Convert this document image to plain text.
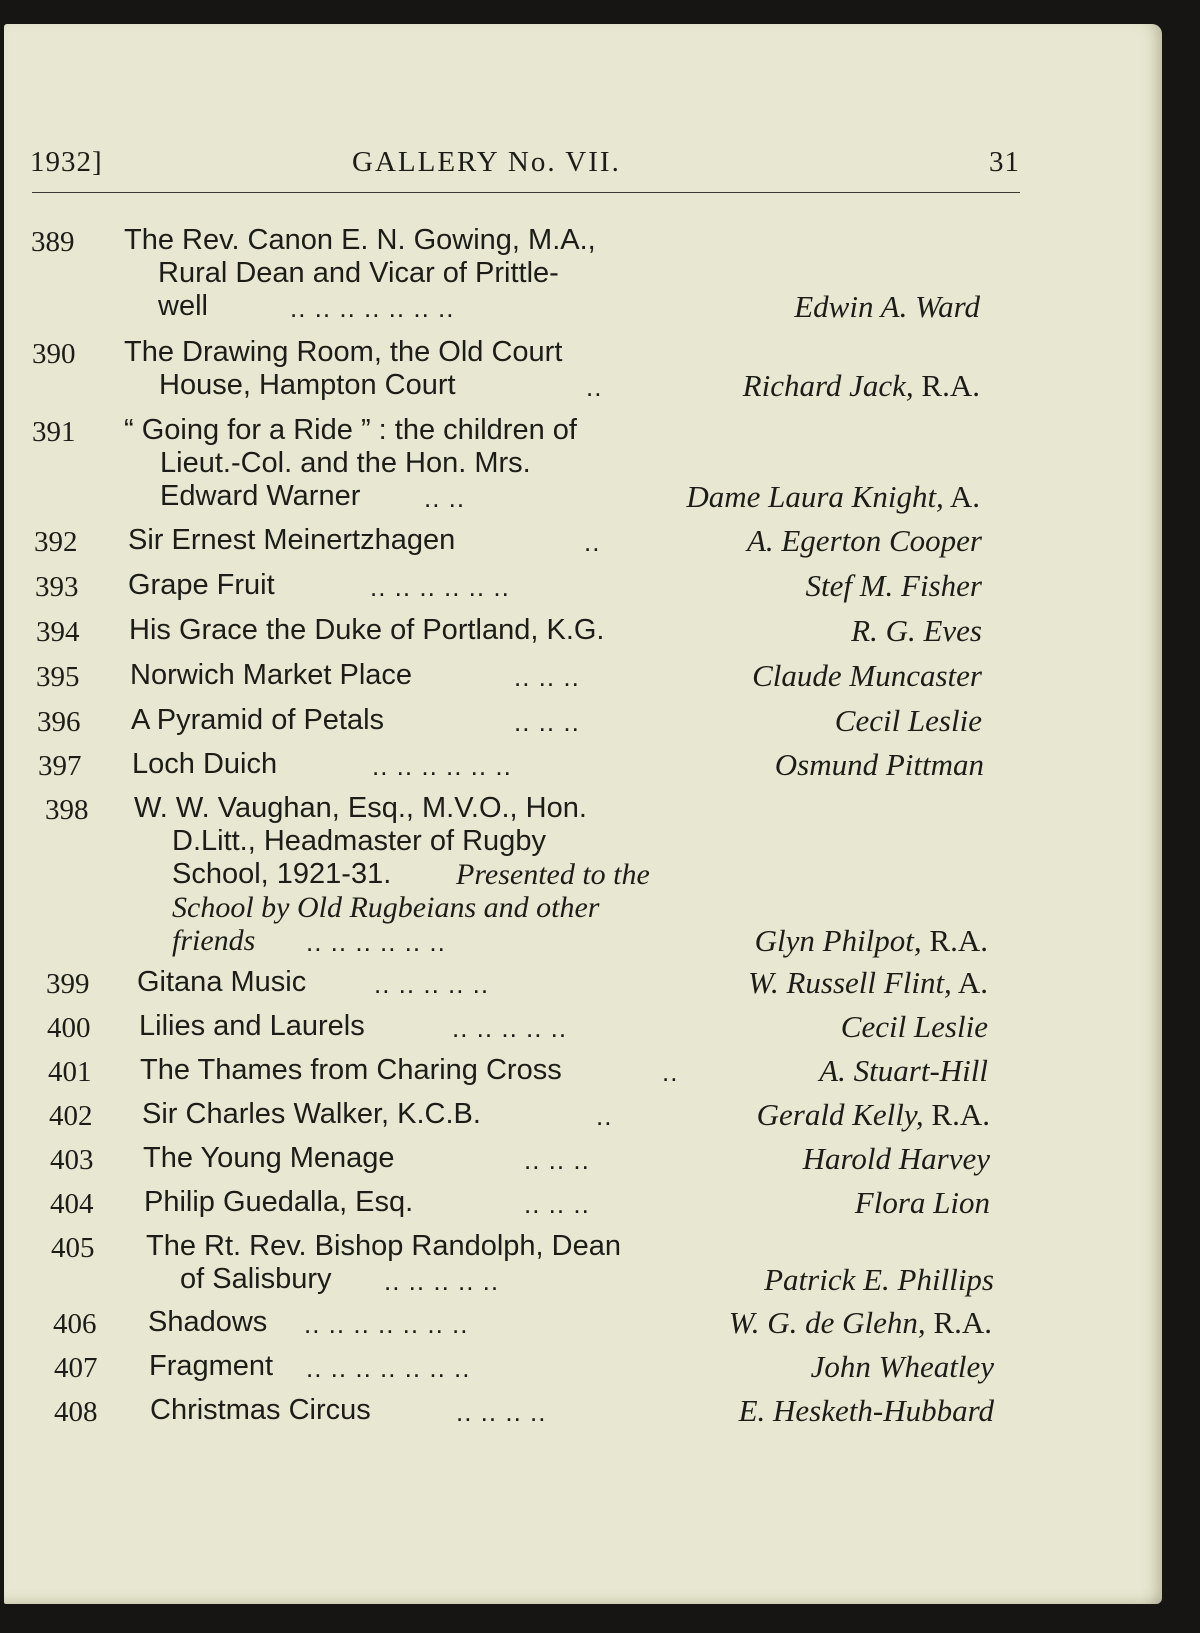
1932]	GALLERY No. VII.	31
389 The Rev. Canon E. N. Gowing, M.A.,
Rural Dean and Vicar of Prittle-
well	.. .. .. .. .. .. ..	Edwin A. Ward
390 The Drawing Room, the Old Court
House, Hampton Court	..	Richard Jack, R.A.
391 “ Going for a Ride ” : the children of
Lieut.-Col. and the Hon. Mrs.
Edward Warner .. ..	Dame Laura Knight, A.
392 Sir Ernest Meinertzhagen	..	A. Egerton Cooper
393 Grape Fruit	.. .. .. .. .. ..	Stef M. Fisher
394 His Grace the Duke of Portland, K.G.	R. G. Eves
395 Norwich Market Place	.. .. ..	Claude Muncaster
396 A Pyramid of Petals	.. .. ..	Cecil Leslie
397 Loch Duich	.. .. .. .. .. ..	Osmund Pittman
398 W. W. Vaughan, Esq., M.V.O., Hon.
D.Litt., Headmaster of Rugby
School, 1921-31. Presented to the
School by Old Rugbeians and other
friends .. .. .. .. .. ..	Glyn Philpot, R.A.
399 Gitana Music	.. .. .. .. ..	W. Russell Flint, A.
400 Lilies and Laurels	.. .. .. .. ..	Cecil Leslie
401 The Thames from Charing Cross	..	A. Stuart-Hill
402 Sir Charles Walker, K.C.B.	..	Gerald Kelly, R.A.
403 The Young Menage	.. .. ..	Harold Harvey
404 Philip Guedalla, Esq.	.. .. ..	Flora Lion
405 The Rt. Rev. Bishop Randolph, Dean
of Salisbury .. .. .. .. ..	Patrick E. Phillips
406 Shadows .. .. .. .. .. .. ..	W. G. de Glehn, R.A.
407 Fragment .. .. .. .. .. .. ..	John Wheatley
408 Christmas Circus	.. .. .. ..	E. Hesketh-Hubbard
